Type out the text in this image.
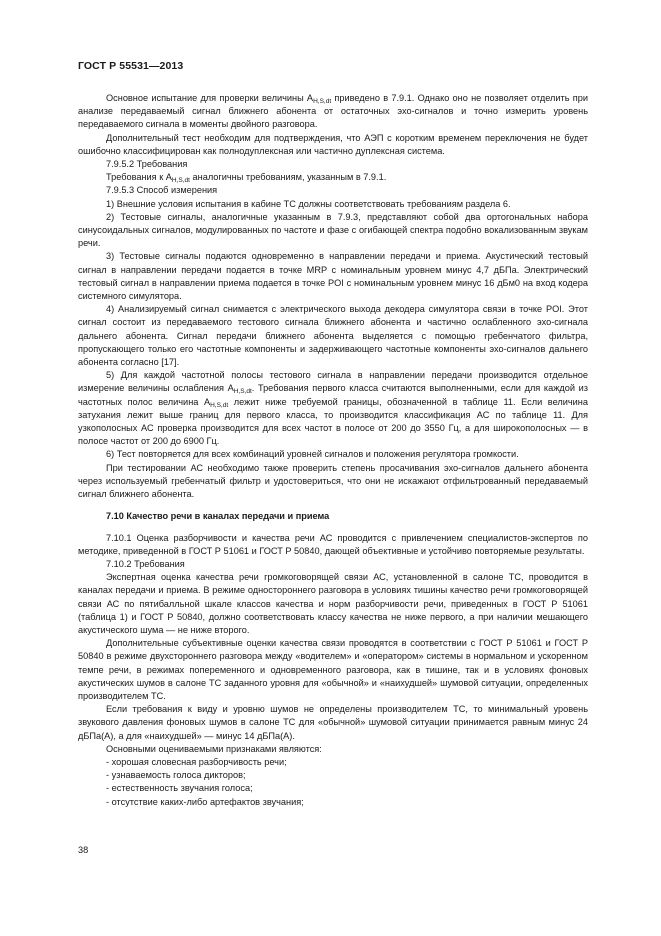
ГОСТ Р 55531—2013

Основное испытание для проверки величины $A_{H,S,dt}$ приведено в 7.9.1. Однако оно не позволяет отделить при анализе передаваемый сигнал ближнего абонента от остаточных эхо-сигналов и точно измерить уровень передаваемого сигнала в моменты двойного разговора.

Дополнительный тест необходим для подтверждения, что АЭП с коротким временем переключения не будет ошибочно классифицирован как полнодуплексная или частично дуплексная система.

7.9.5.2 Требования

Требования к $A_{H,S,dt}$ аналогичны требованиям, указанным в 7.9.1.

7.9.5.3 Способ измерения

1) Внешние условия испытания в кабине ТС должны соответствовать требованиям раздела 6.

2) Тестовые сигналы, аналогичные указанным в 7.9.3, представляют собой два ортогональных набора синусоидальных сигналов, модулированных по частоте и фазе с огибающей спектра подобно вокализованным звукам речи.

3) Тестовые сигналы подаются одновременно в направлении передачи и приема. Акустический тестовый сигнал в направлении передачи подается в точке MRP с номинальным уровнем минус 4,7 дБПа. Электрический тестовый сигнал в направлении приема подается в точке POI с номинальным уровнем минус 16 дБм0 на вход кодера системного симулятора.

4) Анализируемый сигнал снимается с электрического выхода декодера симулятора связи в точке POI. Этот сигнал состоит из передаваемого тестового сигнала ближнего абонента и частично ослабленного эхо-сигнала дальнего абонента. Сигнал передачи ближнего абонента выделяется с помощью гребенчатого фильтра, пропускающего только его частотные компоненты и задерживающего частотные компоненты эхо-сигналов дальнего абонента согласно [17].

5) Для каждой частотной полосы тестового сигнала в направлении передачи производится отдельное измерение величины ослабления $A_{H,S,dt}$. Требования первого класса считаются выполненными, если для каждой из частотных полос величина $A_{H,S,dt}$ лежит ниже требуемой границы, обозначенной в таблице 11. Если величина затухания лежит выше границ для первого класса, то производится классификация АС по таблице 11. Для узкополосных АС проверка производится для всех частот в полосе от 200 до 3550 Гц, а для широкополосных — в полосе частот от 200 до 6900 Гц.

6) Тест повторяется для всех комбинаций уровней сигналов и положения регулятора громкости.

При тестировании АС необходимо также проверить степень просачивания эхо-сигналов дальнего абонента через используемый гребенчатый фильтр и удостовериться, что они не искажают отфильтрованный передаваемый сигнал ближнего абонента.

7.10 Качество речи в каналах передачи и приема

7.10.1 Оценка разборчивости и качества речи АС проводится с привлечением специалистов-экспертов по методике, приведенной в ГОСТ Р 51061 и ГОСТ Р 50840, дающей объективные и устойчиво повторяемые результаты.

7.10.2 Требования

Экспертная оценка качества речи громкоговорящей связи АС, установленной в салоне ТС, проводится в каналах передачи и приема. В режиме одностороннего разговора в условиях тишины качество речи громкоговорящей связи АС по пятибалльной шкале классов качества и норм разборчивости речи, приведенных в ГОСТ Р 51061 (таблица 1) и ГОСТ Р 50840, должно соответствовать классу качества не ниже первого, а при наличии мешающего акустического шума — не ниже второго.

Дополнительные субъективные оценки качества связи проводятся в соответствии с ГОСТ Р 51061 и ГОСТ Р 50840 в режиме двухстороннего разговора между «водителем» и «оператором» системы в нормальном и ускоренном темпе речи, в режимах попеременного и одновременного разговора, как в тишине, так и в условиях фоновых акустических шумов в салоне ТС заданного уровня для «обычной» и «наихудшей» шумовой ситуации, определенных производителем ТС.

Если требования к виду и уровню шумов не определены производителем ТС, то минимальный уровень звукового давления фоновых шумов в салоне ТС для «обычной» шумовой ситуации принимается равным минус 24 дБПа(А), а для «наихудшей» — минус 14 дБПа(А).

Основными оцениваемыми признаками являются:

- хорошая словесная разборчивость речи;

- узнаваемость голоса дикторов;

- естественность звучания голоса;

- отсутствие каких-либо артефактов звучания;

38
